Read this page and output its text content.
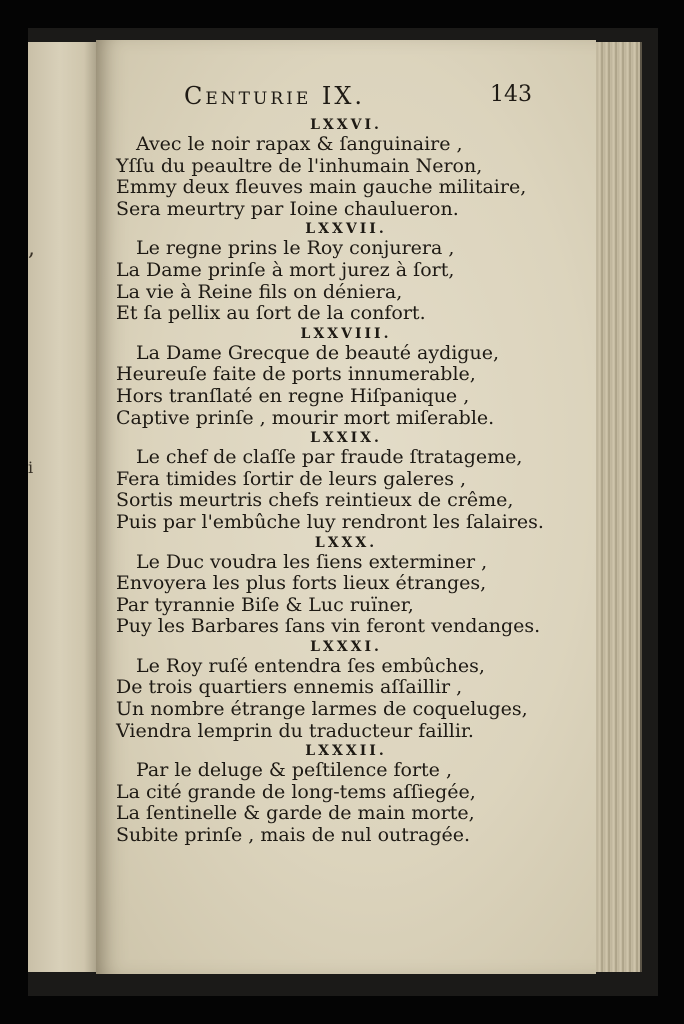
,
i
Centurie IX.	143
LXXVI.
Avec le noir rapax & ſanguinaire ,
Yſſu du peaultre de l'inhumain Neron,
Emmy deux fleuves main gauche militaire,
Sera meurtry par Ioine chaulueron.
LXXVII.
Le regne prins le Roy conjurera ,
La Dame prinſe à mort jurez à ſort,
La vie à Reine fils on déniera,
Et ſa pellix au ſort de la confort.
LXXVIII.
La Dame Grecque de beauté aydigue,
Heureuſe faite de ports innumerable,
Hors tranſlaté en regne Hiſpanique ,
Captive prinſe , mourir mort miſerable.
LXXIX.
Le chef de claſſe par fraude ſtratageme,
Fera timides ſortir de leurs galeres ,
Sortis meurtris chefs reintieux de crême,
Puis par l'embûche luy rendront les ſalaires.
LXXX.
Le Duc voudra les ſiens exterminer ,
Envoyera les plus forts lieux étranges,
Par tyrannie Biſe & Luc ruïner,
Puy les Barbares ſans vin feront vendanges.
LXXXI.
Le Roy ruſé entendra ſes embûches,
De trois quartiers ennemis aſſaillir ,
Un nombre étrange larmes de coqueluges,
Viendra lemprin du traducteur faillir.
LXXXII.
Par le deluge & peſtilence forte ,
La cité grande de long-tems aſſiegée,
La ſentinelle & garde de main morte,
Subite prinſe , mais de nul outragée.
